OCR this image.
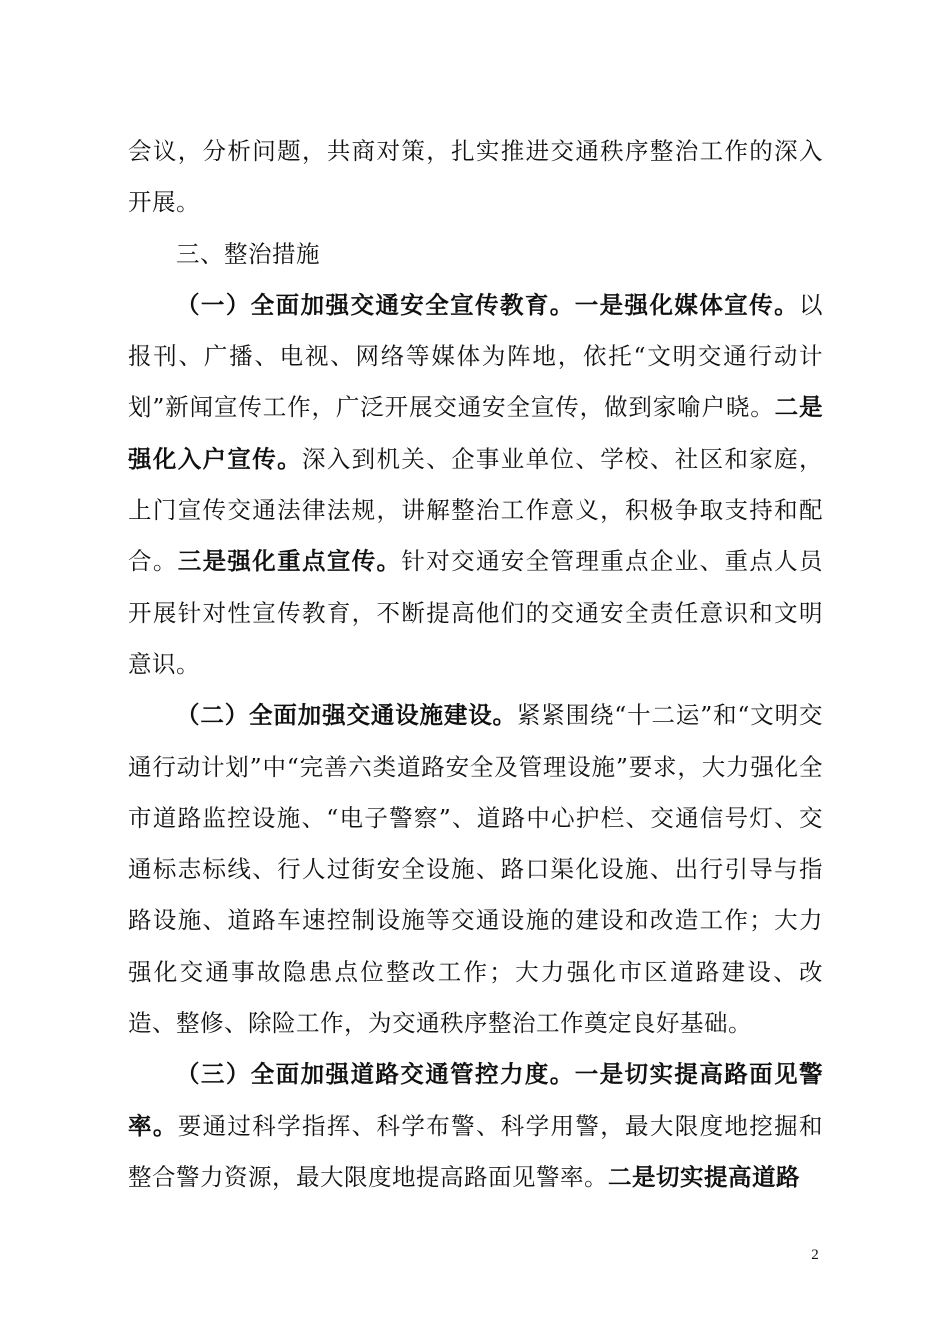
会议，分析问题，共商对策，扎实推进交通秩序整治工作的深入开展。

三、整治措施

（一）全面加强交通安全宣传教育。一是强化媒体宣传。以报刊、广播、电视、网络等媒体为阵地，依托“文明交通行动计划”新闻宣传工作，广泛开展交通安全宣传，做到家喻户晓。二是强化入户宣传。深入到机关、企事业单位、学校、社区和家庭，上门宣传交通法律法规，讲解整治工作意义，积极争取支持和配合。三是强化重点宣传。针对交通安全管理重点企业、重点人员开展针对性宣传教育，不断提高他们的交通安全责任意识和文明意识。

（二）全面加强交通设施建设。紧紧围绕“十二运”和“文明交通行动计划”中“完善六类道路安全及管理设施”要求，大力强化全市道路监控设施、“电子警察”、道路中心护栏、交通信号灯、交通标志标线、行人过街安全设施、路口渠化设施、出行引导与指路设施、道路车速控制设施等交通设施的建设和改造工作；大力强化交通事故隐患点位整改工作；大力强化市区道路建设、改造、整修、除险工作，为交通秩序整治工作奠定良好基础。

（三）全面加强道路交通管控力度。一是切实提高路面见警率。要通过科学指挥、科学布警、科学用警，最大限度地挖掘和整合警力资源，最大限度地提高路面见警率。二是切实提高道路

2
